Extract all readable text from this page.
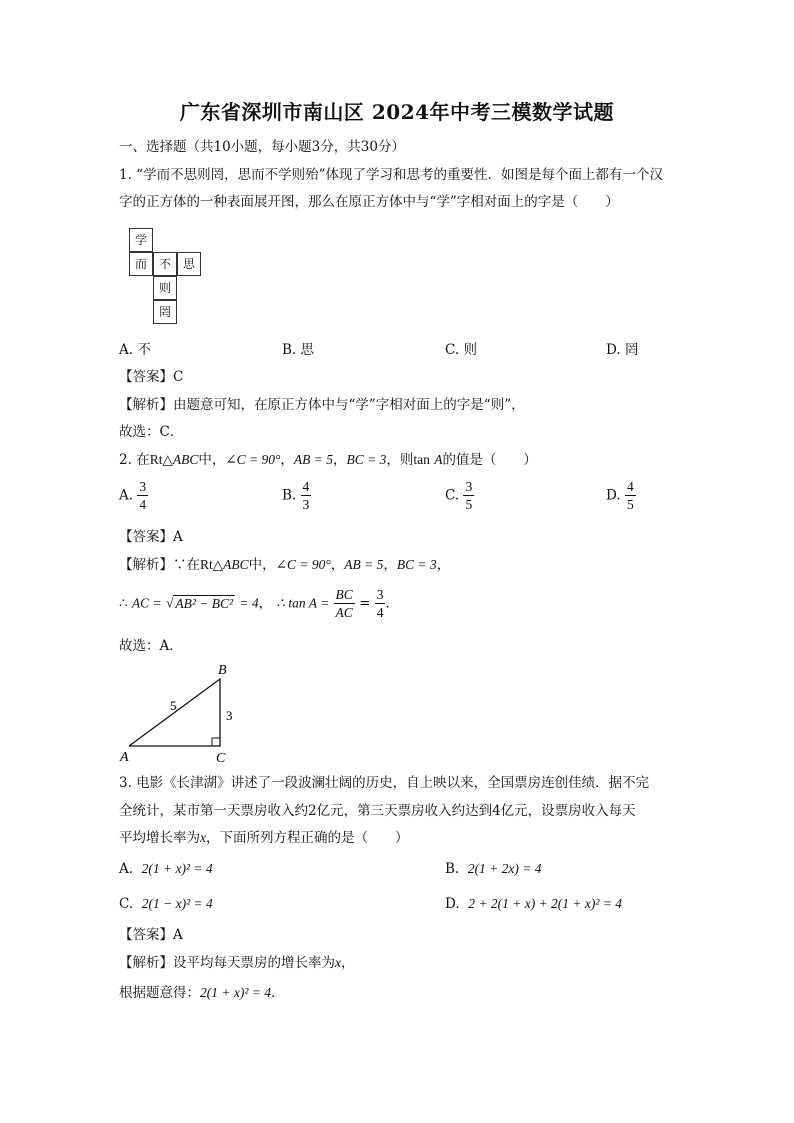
广东省深圳市南山区 2024年中考三模数学试题
一、选择题（共10小题，每小题3分，共30分）
1. “学而不思则罔，思而不学则殆”体现了学习和思考的重要性．如图是每个面上都有一个汉
字的正方体的一种表面展开图，那么在原正方体中与“学”字相对面上的字是（　　）
学
而 不 思
则
罔
A. 不	B. 思	C. 则	D. 罔
【答案】C
【解析】由题意可知，在原正方体中与“学”字相对面上的字是“则”，
故选：C．
2. 在Rt△ABC中，∠C = 90°，AB = 5，BC = 3，则tan A的值是（　　）
A. $\frac{3}{4}$	B. $\frac{4}{3}$	C. $\frac{3}{5}$	D. $\frac{4}{5}$
【答案】A
【解析】∵在Rt△ABC中，∠C = 90°，AB = 5，BC = 3，
∴ AC = √ AB² − BC² = 4， ∴ $\tan A = \frac{BC}{AC} = \frac{3}{4}$ ．
故选：A．
A
B
C
5
3
3. 电影《长津湖》讲述了一段波澜壮阔的历史，自上映以来，全国票房连创佳绩．据不完
全统计，某市第一天票房收入约2亿元，第三天票房收入约达到4亿元，设票房收入每天
平均增长率为x，下面所列方程正确的是（　　）
A. 2(1 + x)² = 4	B. 2(1 + 2x) = 4
C. 2(1 − x)² = 4	D. 2 + 2(1 + x) + 2(1 + x)² = 4
【答案】A
【解析】设平均每天票房的增长率为x，
根据题意得：2(1 + x)² = 4．
